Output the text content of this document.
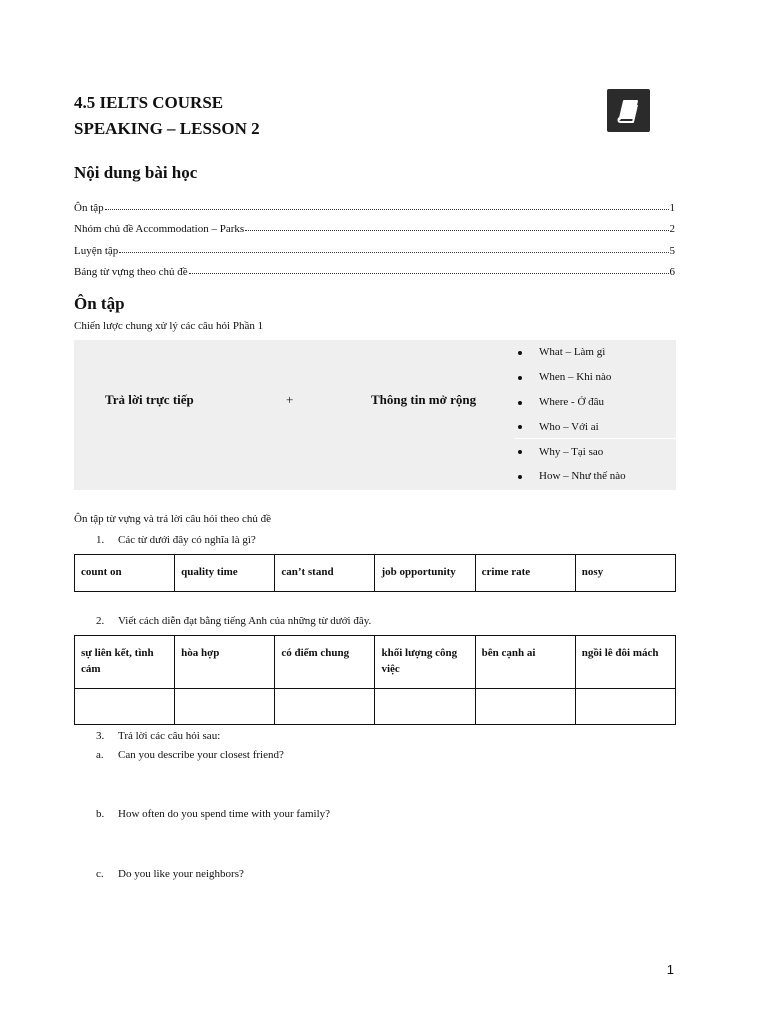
4.5 IELTS COURSE
SPEAKING – LESSON 2
Nội dung bài học
Ôn tập	1
Nhóm chủ đề Accommodation – Parks	2
Luyện tập	5
Bảng từ vựng theo chủ đề	6
Ôn tập
Chiến lược chung xử lý các câu hỏi Phần 1
Trả lời trực tiếp	+	Thông tin mở rộng
What – Làm gì
When – Khi nào
Where - Ở đâu
Who – Với ai
Why – Tại sao
How – Như thế nào
Ôn tập từ vựng và trả lời câu hỏi theo chủ đề
1. Các từ dưới đây có nghĩa là gì?
count on	quality time	can’t stand	job opportunity	crime rate	nosy
2. Viết cách diễn đạt bằng tiếng Anh của những từ dưới đây.
sự liên kết, tình cảm	hòa hợp	có điểm chung	khối lượng công việc	bên cạnh ai	ngồi lê đôi mách

3. Trả lời các câu hỏi sau:
a. Can you describe your closest friend?
b. How often do you spend time with your family?
c. Do you like your neighbors?
1
